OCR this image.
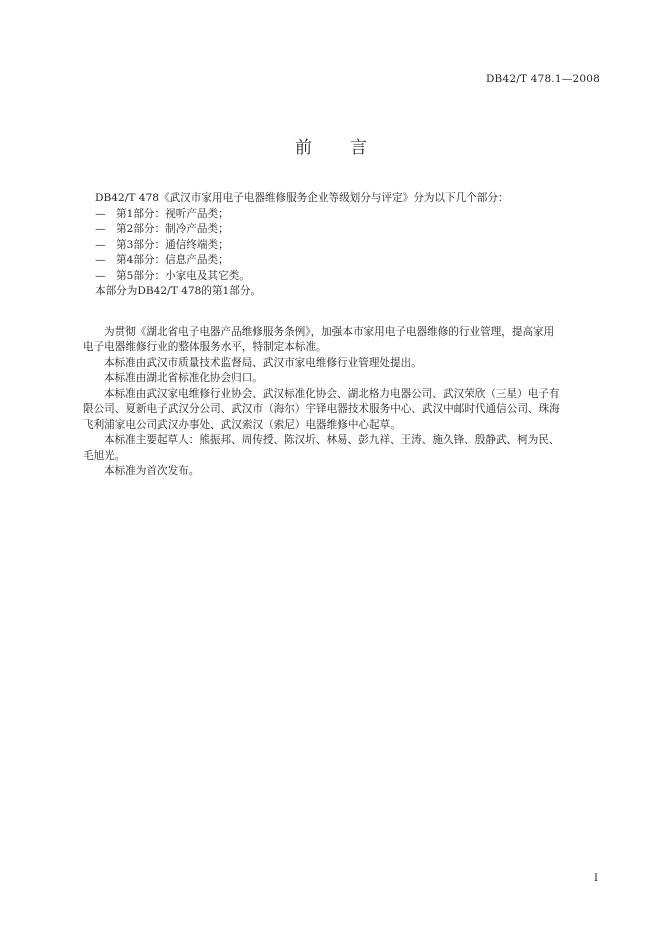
DB42/T 478.1—2008
前 言
DB42/T 478《武汉市家用电子电器维修服务企业等级划分与评定》分为以下几个部分：
— 第1部分：视听产品类；
— 第2部分：制冷产品类；
— 第3部分：通信终端类；
— 第4部分：信息产品类；
— 第5部分：小家电及其它类。
本部分为DB42/T 478的第1部分。
为贯彻《湖北省电子电器产品维修服务条例》，加强本市家用电子电器维修的行业管理，提高家用
电子电器维修行业的整体服务水平，特制定本标准。
本标准由武汉市质量技术监督局、武汉市家电维修行业管理处提出。
本标准由湖北省标准化协会归口。
本标准由武汉家电维修行业协会、武汉标准化协会、湖北格力电器公司、武汉荣欣（三星）电子有
限公司、夏新电子武汉分公司、武汉市（海尔）宇铎电器技术服务中心、武汉中邮时代通信公司、珠海
飞利浦家电公司武汉办事处、武汉索汉（索尼）电器维修中心起草。
本标准主要起草人：熊振邦、周传授、陈汉圻、林易、彭九祥、王涛、施久锋、殷静武、柯为民、
毛旭光。
本标准为首次发布。
I
